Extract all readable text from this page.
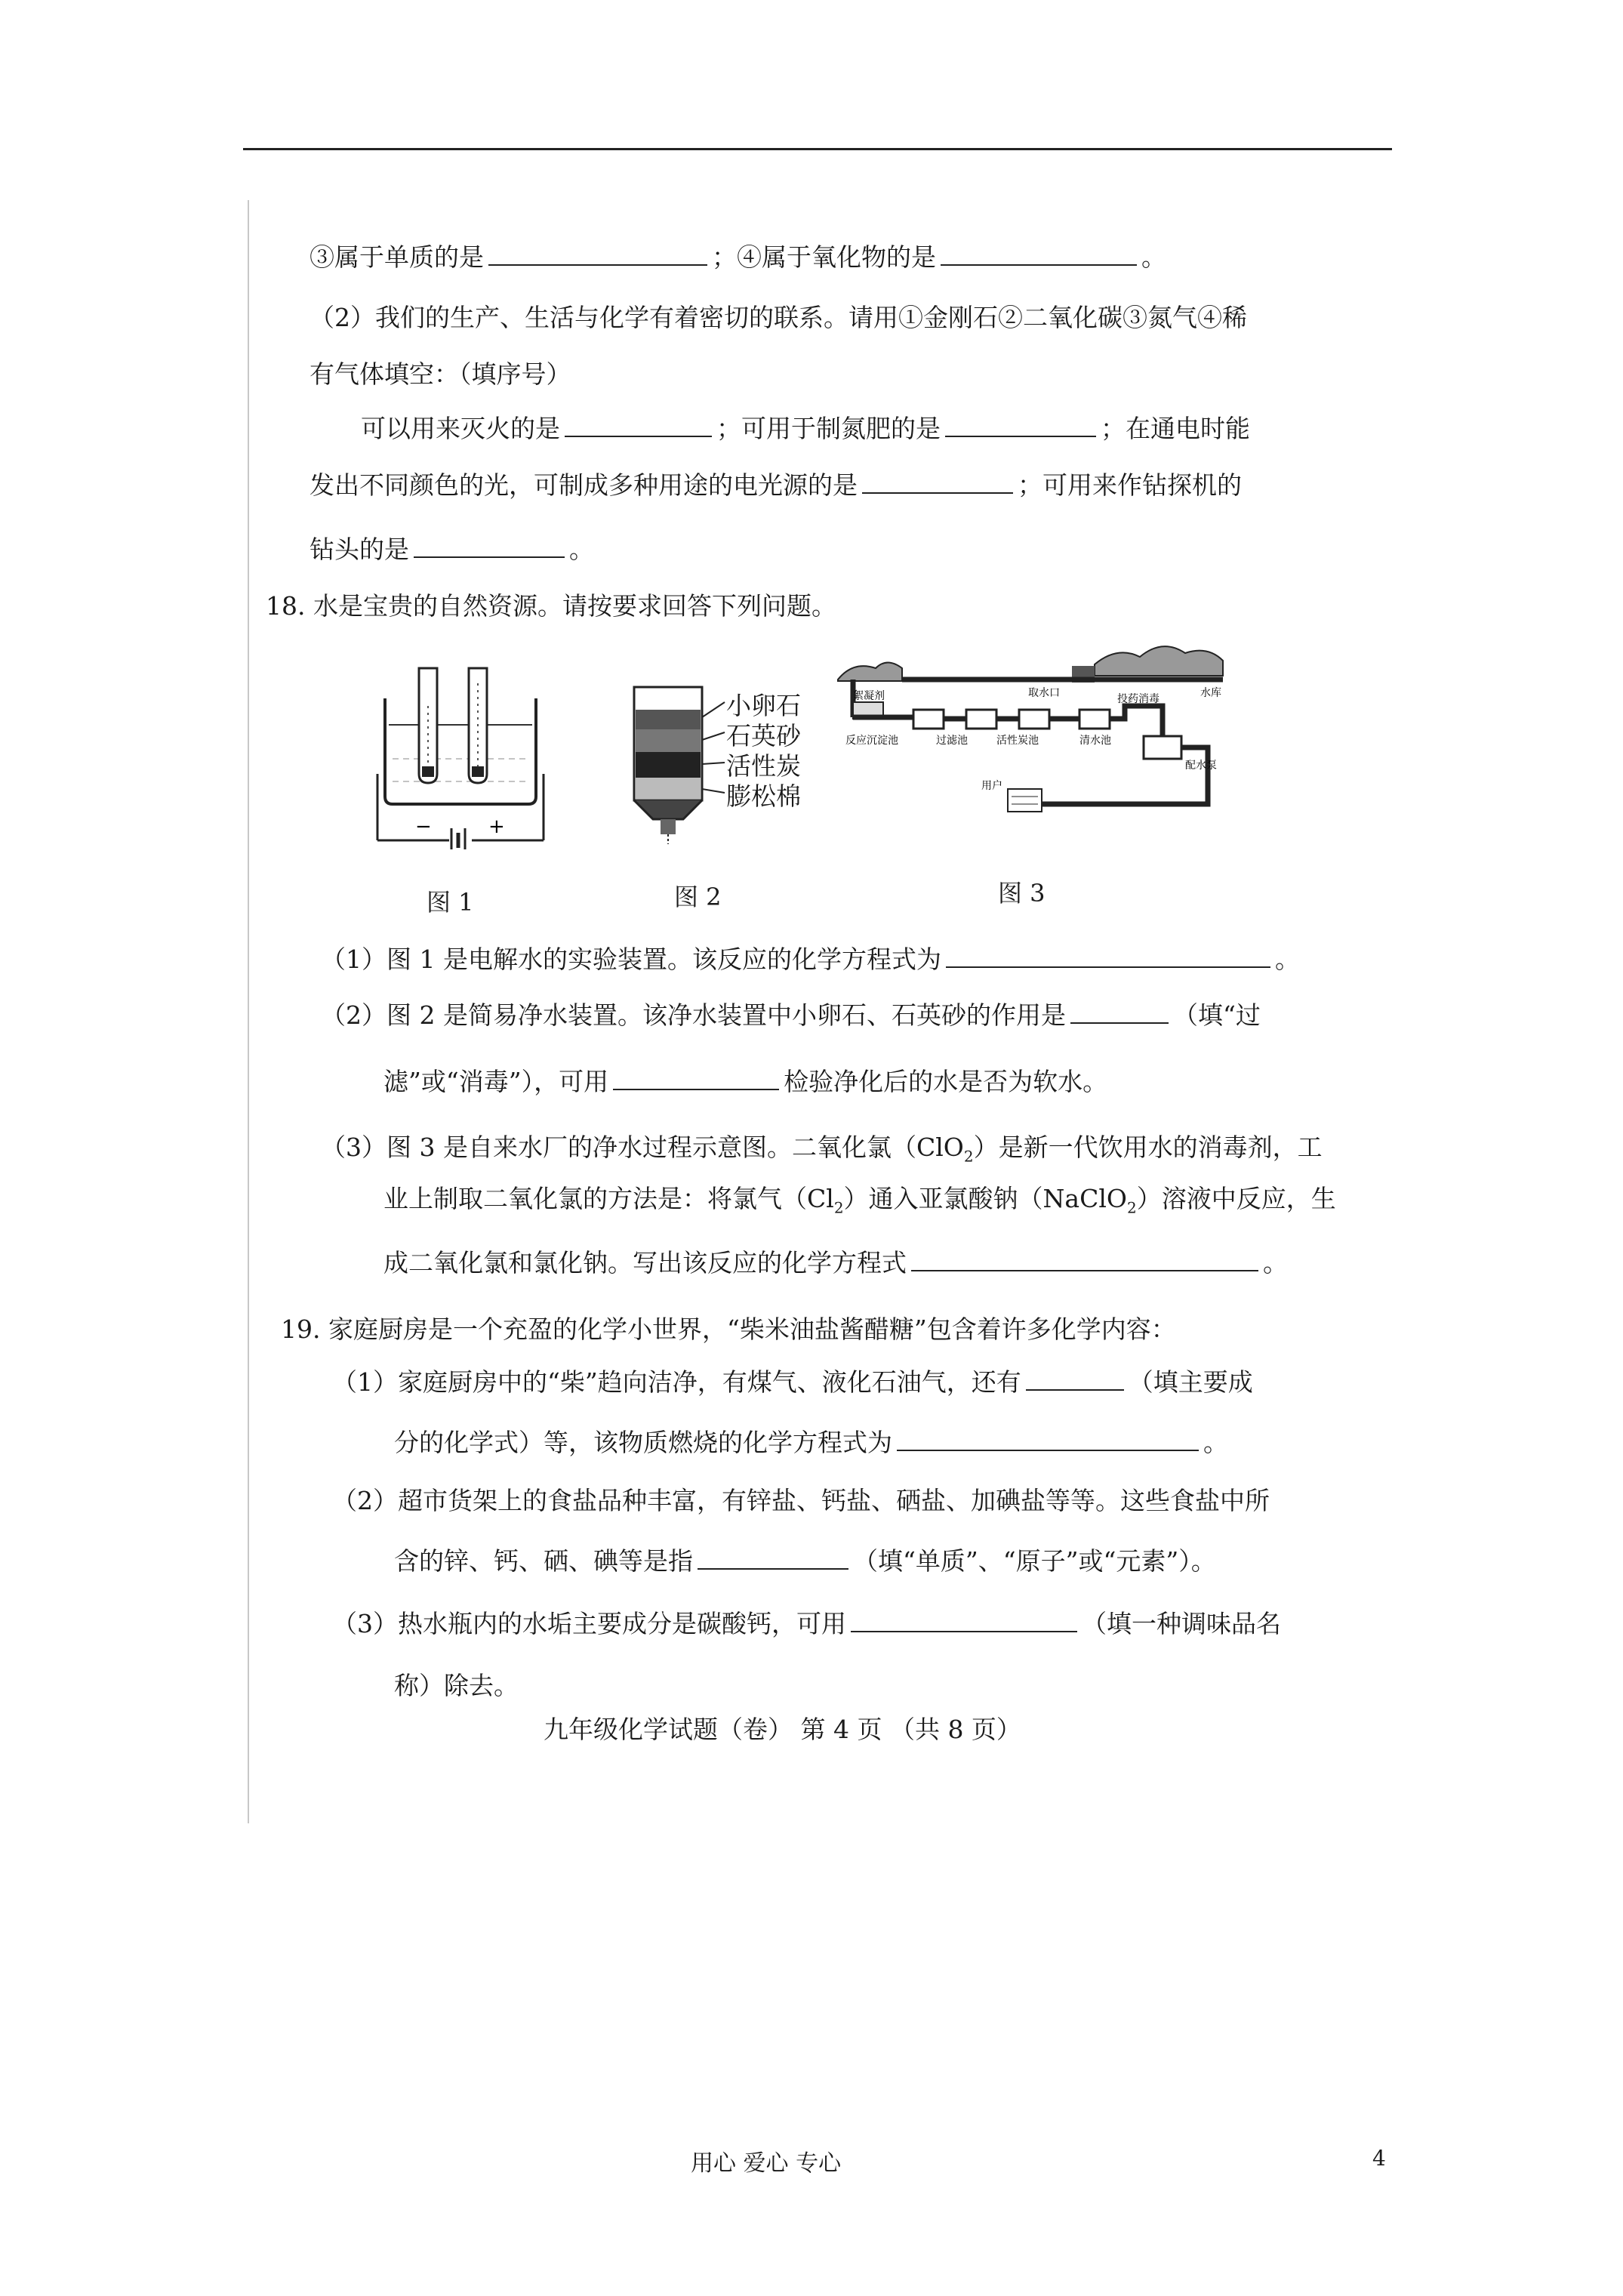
③属于单质的是	；④属于氧化物的是	。
（2）我们的生产、生活与化学有着密切的联系。请用①金刚石②二氧化碳③氮气④稀
有气体填空：（填序号）
可以用来灭火的是	；可用于制氮肥的是	；在通电时能
发出不同颜色的光，可制成多种用途的电光源的是	；可用来作钻探机的
钻头的是	。
18. 水是宝贵的自然资源。请按要求回答下列问题。
−	+
小卵石
石英砂
活性炭
膨松棉
絮凝剂	取水口	水库
投药消毒
反应沉淀池	过滤池	活性炭池	清水池
配水泵
用户
图 1	图 2	图 3
（1）图 1 是电解水的实验装置。该反应的化学方程式为	。
（2）图 2 是简易净水装置。该净水装置中小卵石、石英砂的作用是	（填“过
滤”或“消毒”），可用	检验净化后的水是否为软水。
（3）图 3 是自来水厂的净水过程示意图。二氧化氯（ClO$_2$）是新一代饮用水的消毒剂，工
业上制取二氧化氯的方法是：将氯气$(Cl_2)$通入亚氯酸钠（NaClO$_2$）溶液中反应，生
成二氧化氯和氯化钠。写出该反应的化学方程式	。
19. 家庭厨房是一个充盈的化学小世界，“柴米油盐酱醋糖”包含着许多化学内容：
（1）家庭厨房中的“柴”趋向洁净，有煤气、液化石油气，还有	（填主要成
分的化学式）等，该物质燃烧的化学方程式为	。
（2）超市货架上的食盐品种丰富，有锌盐、钙盐、硒盐、加碘盐等等。这些食盐中所
含的锌、钙、硒、碘等是指	（填“单质”、“原子”或“元素”）。
（3）热水瓶内的水垢主要成分是碳酸钙，可用	（填一种调味品名
称）除去。
九年级化学试题（卷） 第 4 页 （共 8 页）
用心 爱心 专心	4
